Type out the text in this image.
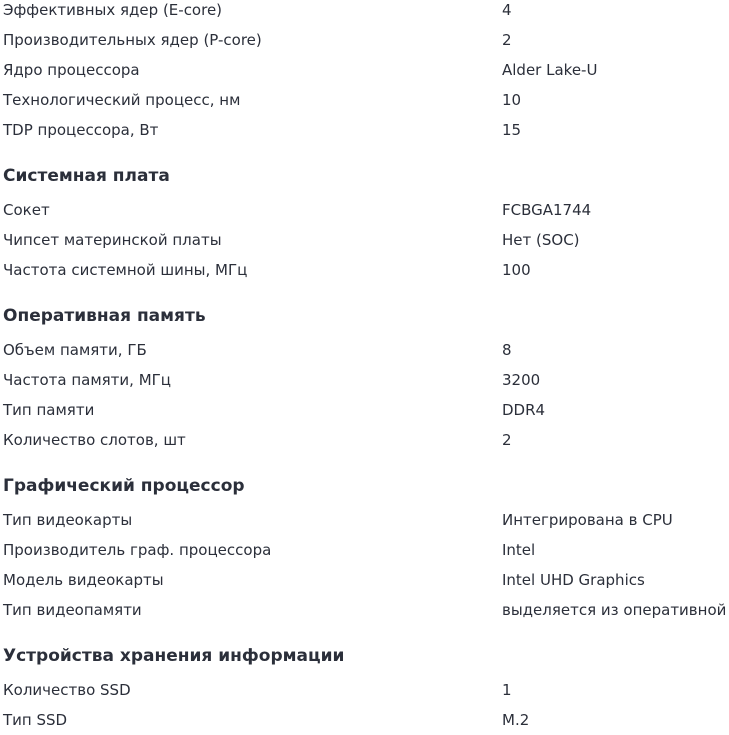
Эффективных ядер (E-core)	4
Производительных ядер (P-core)	2
Ядро процессора	Alder Lake-U
Технологический процесс, нм	10
TDP процессора, Вт	15
Системная плата
Сокет	FCBGA1744
Чипсет материнской платы	Нет (SOC)
Частота системной шины, МГц	100
Оперативная память
Объем памяти, ГБ	8
Частота памяти, МГц	3200
Тип памяти	DDR4
Количество слотов, шт	2
Графический процессор
Тип видеокарты	Интегрирована в CPU
Производитель граф. процессора	Intel
Модель видеокарты	Intel UHD Graphics
Тип видеопамяти	выделяется из оперативной
Устройства хранения информации
Количество SSD	1
Тип SSD	M.2
